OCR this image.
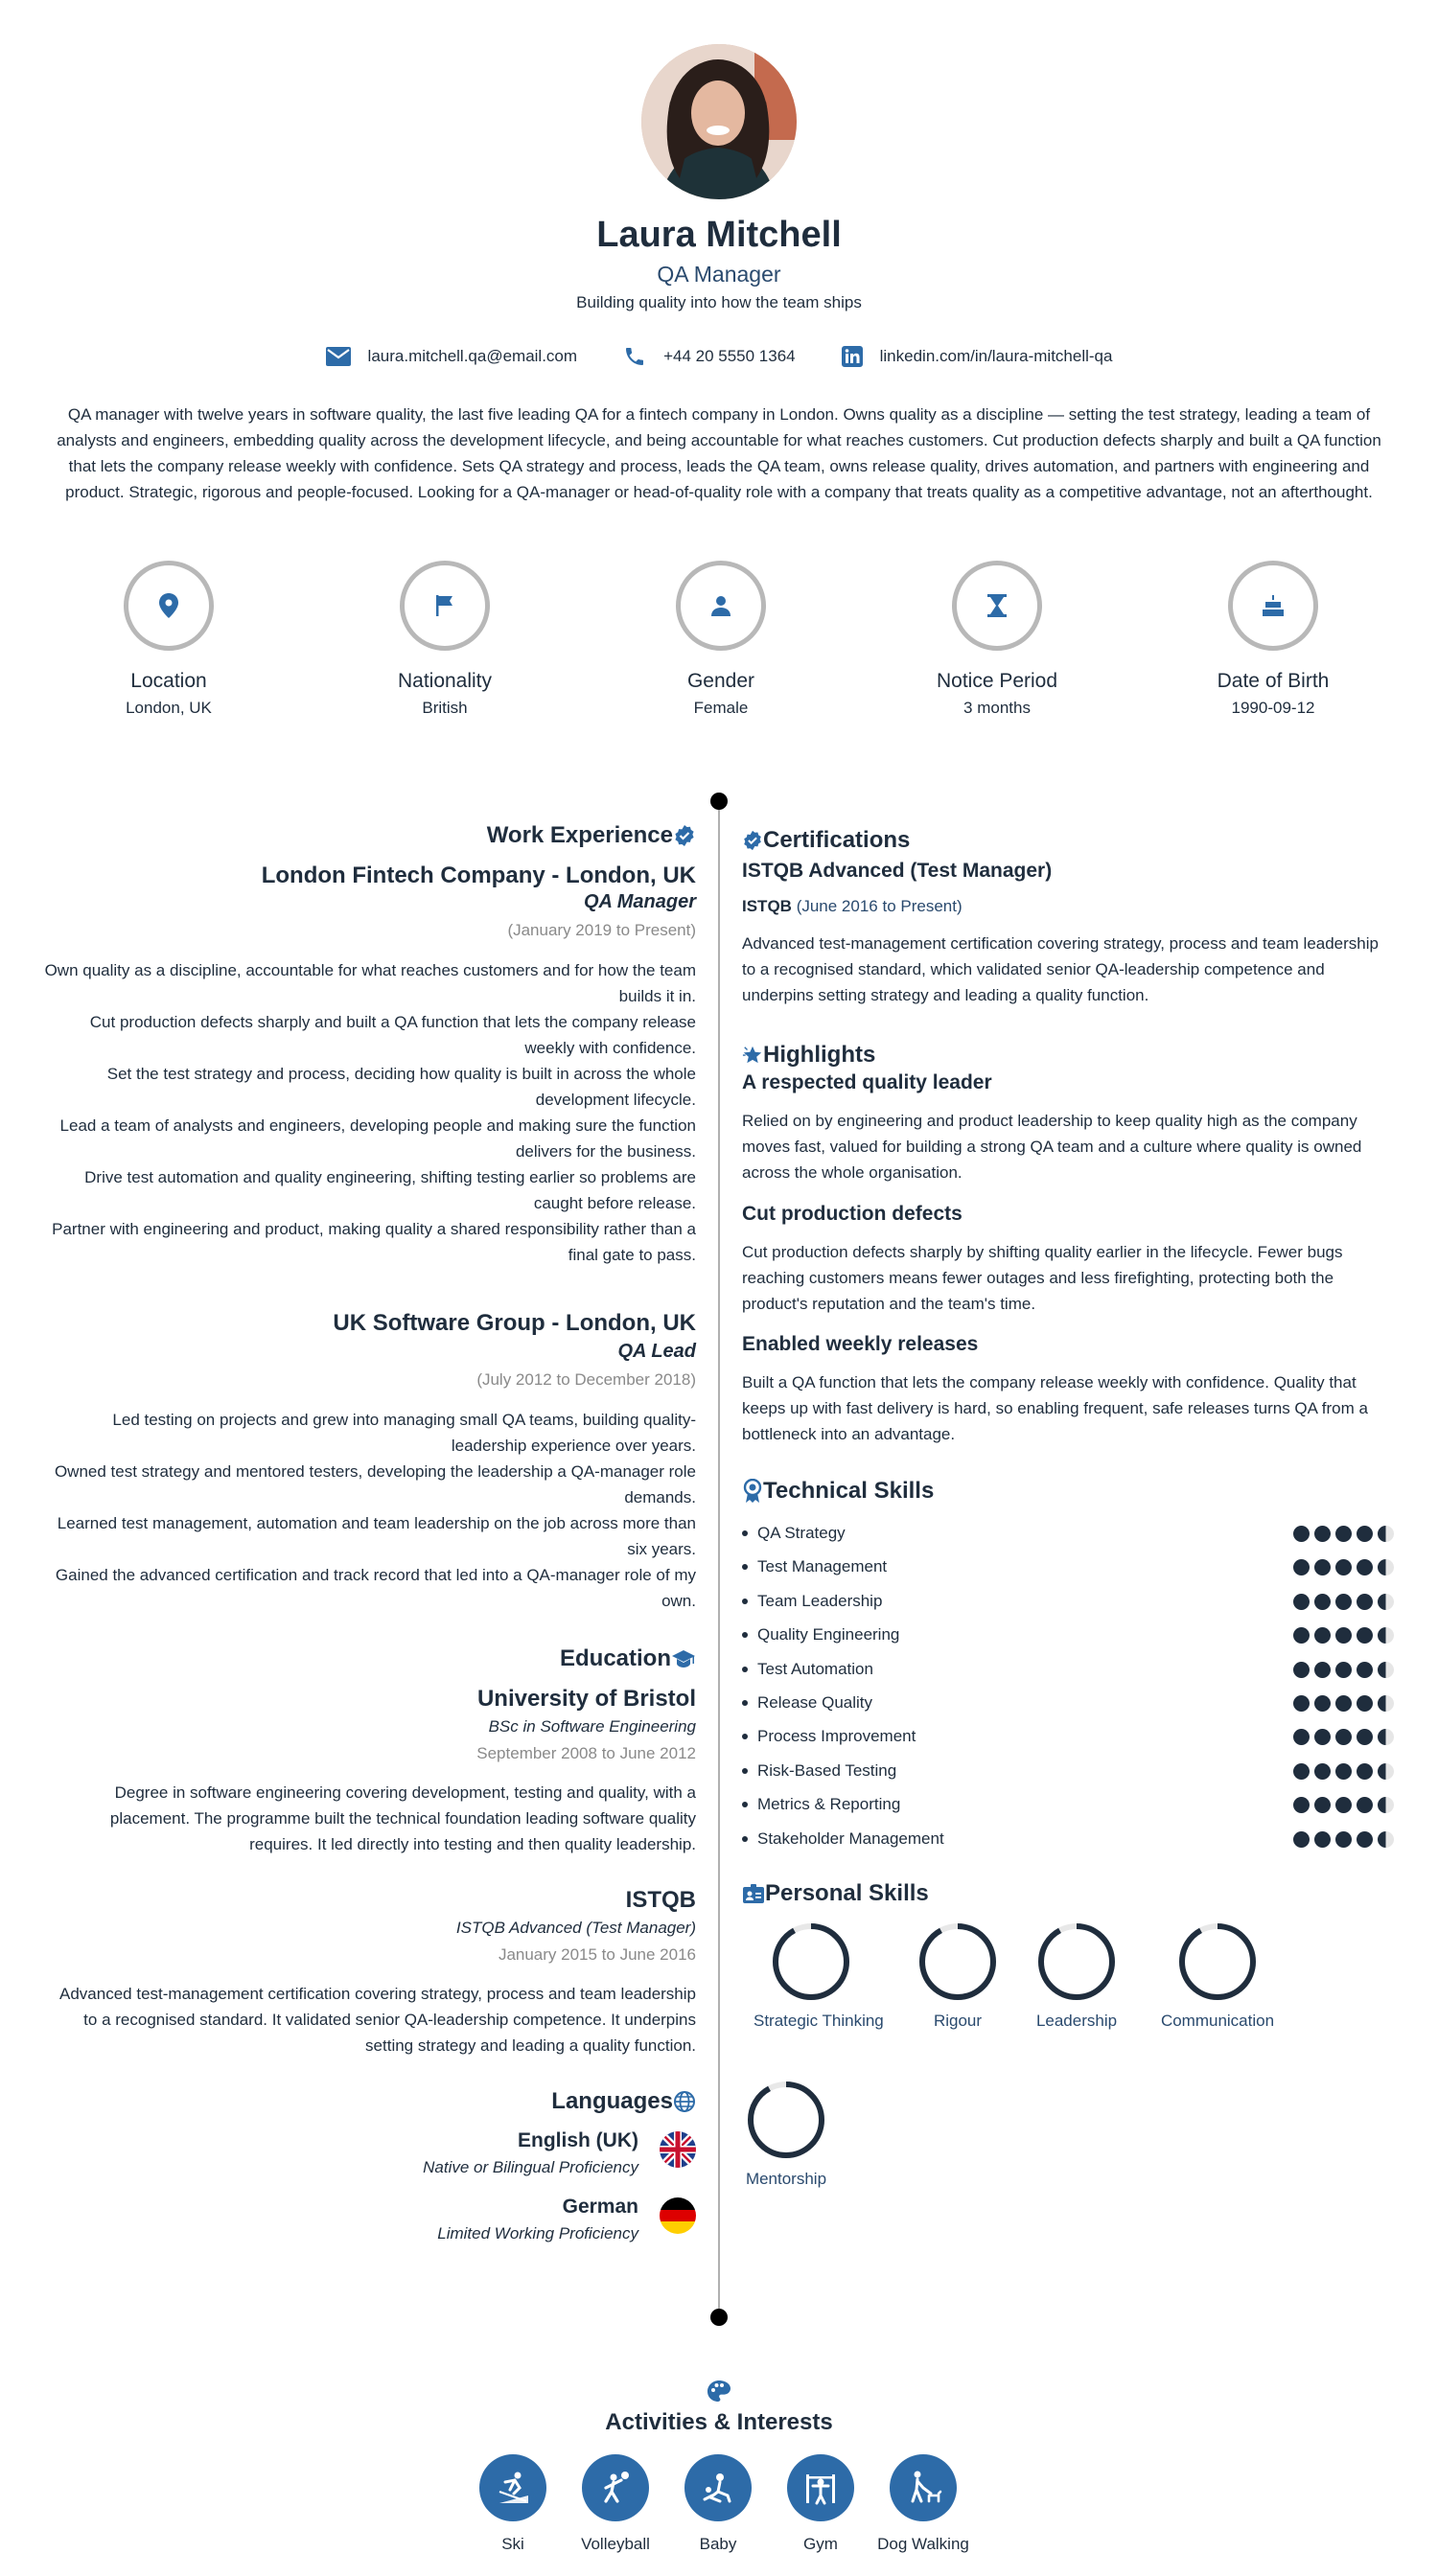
Laura Mitchell
QA Manager
Building quality into how the team ships
laura.mitchell.qa@email.com	+44 20 5550 1364	linkedin.com/in/laura-mitchell-qa
QA manager with twelve years in software quality, the last five leading QA for a fintech company in London. Owns quality as a discipline — setting the test strategy, leading a team of analysts and engineers, embedding quality across the development lifecycle, and being accountable for what reaches customers. Cut production defects sharply and built a QA function that lets the company release weekly with confidence. Sets QA strategy and process, leads the QA team, owns release quality, drives automation, and partners with engineering and product. Strategic, rigorous and people-focused. Looking for a QA-manager or head-of-quality role with a company that treats quality as a competitive advantage, not an afterthought.
Location
London, UK
Nationality
British
Gender
Female
Notice Period
3 months
Date of Birth
1990-09-12
Work Experience
London Fintech Company - London, UK
QA Manager
(January 2019 to Present)
Own quality as a discipline, accountable for what reaches customers and for how the team builds it in.
Cut production defects sharply and built a QA function that lets the company release weekly with confidence.
Set the test strategy and process, deciding how quality is built in across the whole development lifecycle.
Lead a team of analysts and engineers, developing people and making sure the function delivers for the business.
Drive test automation and quality engineering, shifting testing earlier so problems are caught before release.
Partner with engineering and product, making quality a shared responsibility rather than a final gate to pass.
UK Software Group - London, UK
QA Lead
(July 2012 to December 2018)
Led testing on projects and grew into managing small QA teams, building quality-leadership experience over years.
Owned test strategy and mentored testers, developing the leadership a QA-manager role demands.
Learned test management, automation and team leadership on the job across more than six years.
Gained the advanced certification and track record that led into a QA-manager role of my own.
Education
University of Bristol
BSc in Software Engineering
September 2008 to June 2012
Degree in software engineering covering development, testing and quality, with a placement. The programme built the technical foundation leading software quality requires. It led directly into testing and then quality leadership.
ISTQB
ISTQB Advanced (Test Manager)
January 2015 to June 2016
Advanced test-management certification covering strategy, process and team leadership to a recognised standard. It validated senior QA-leadership competence. It underpins setting strategy and leading a quality function.
Languages
English (UK)
Native or Bilingual Proficiency
German
Limited Working Proficiency
Certifications
ISTQB Advanced (Test Manager)
ISTQB (June 2016 to Present)
Advanced test-management certification covering strategy, process and team leadership to a recognised standard, which validated senior QA-leadership competence and underpins setting strategy and leading a quality function.
Highlights
A respected quality leader
Relied on by engineering and product leadership to keep quality high as the company moves fast, valued for building a strong QA team and a culture where quality is owned across the whole organisation.
Cut production defects
Cut production defects sharply by shifting quality earlier in the lifecycle. Fewer bugs reaching customers means fewer outages and less firefighting, protecting both the product's reputation and the team's time.
Enabled weekly releases
Built a QA function that lets the company release weekly with confidence. Quality that keeps up with fast delivery is hard, so enabling frequent, safe releases turns QA from a bottleneck into an advantage.
Technical Skills
QA Strategy
Test Management
Team Leadership
Quality Engineering
Test Automation
Release Quality
Process Improvement
Risk-Based Testing
Metrics & Reporting
Stakeholder Management
Personal Skills
Strategic Thinking	Rigour	Leadership	Communication
Mentorship
Activities & Interests
Ski	Volleyball	Baby	Gym	Dog Walking
